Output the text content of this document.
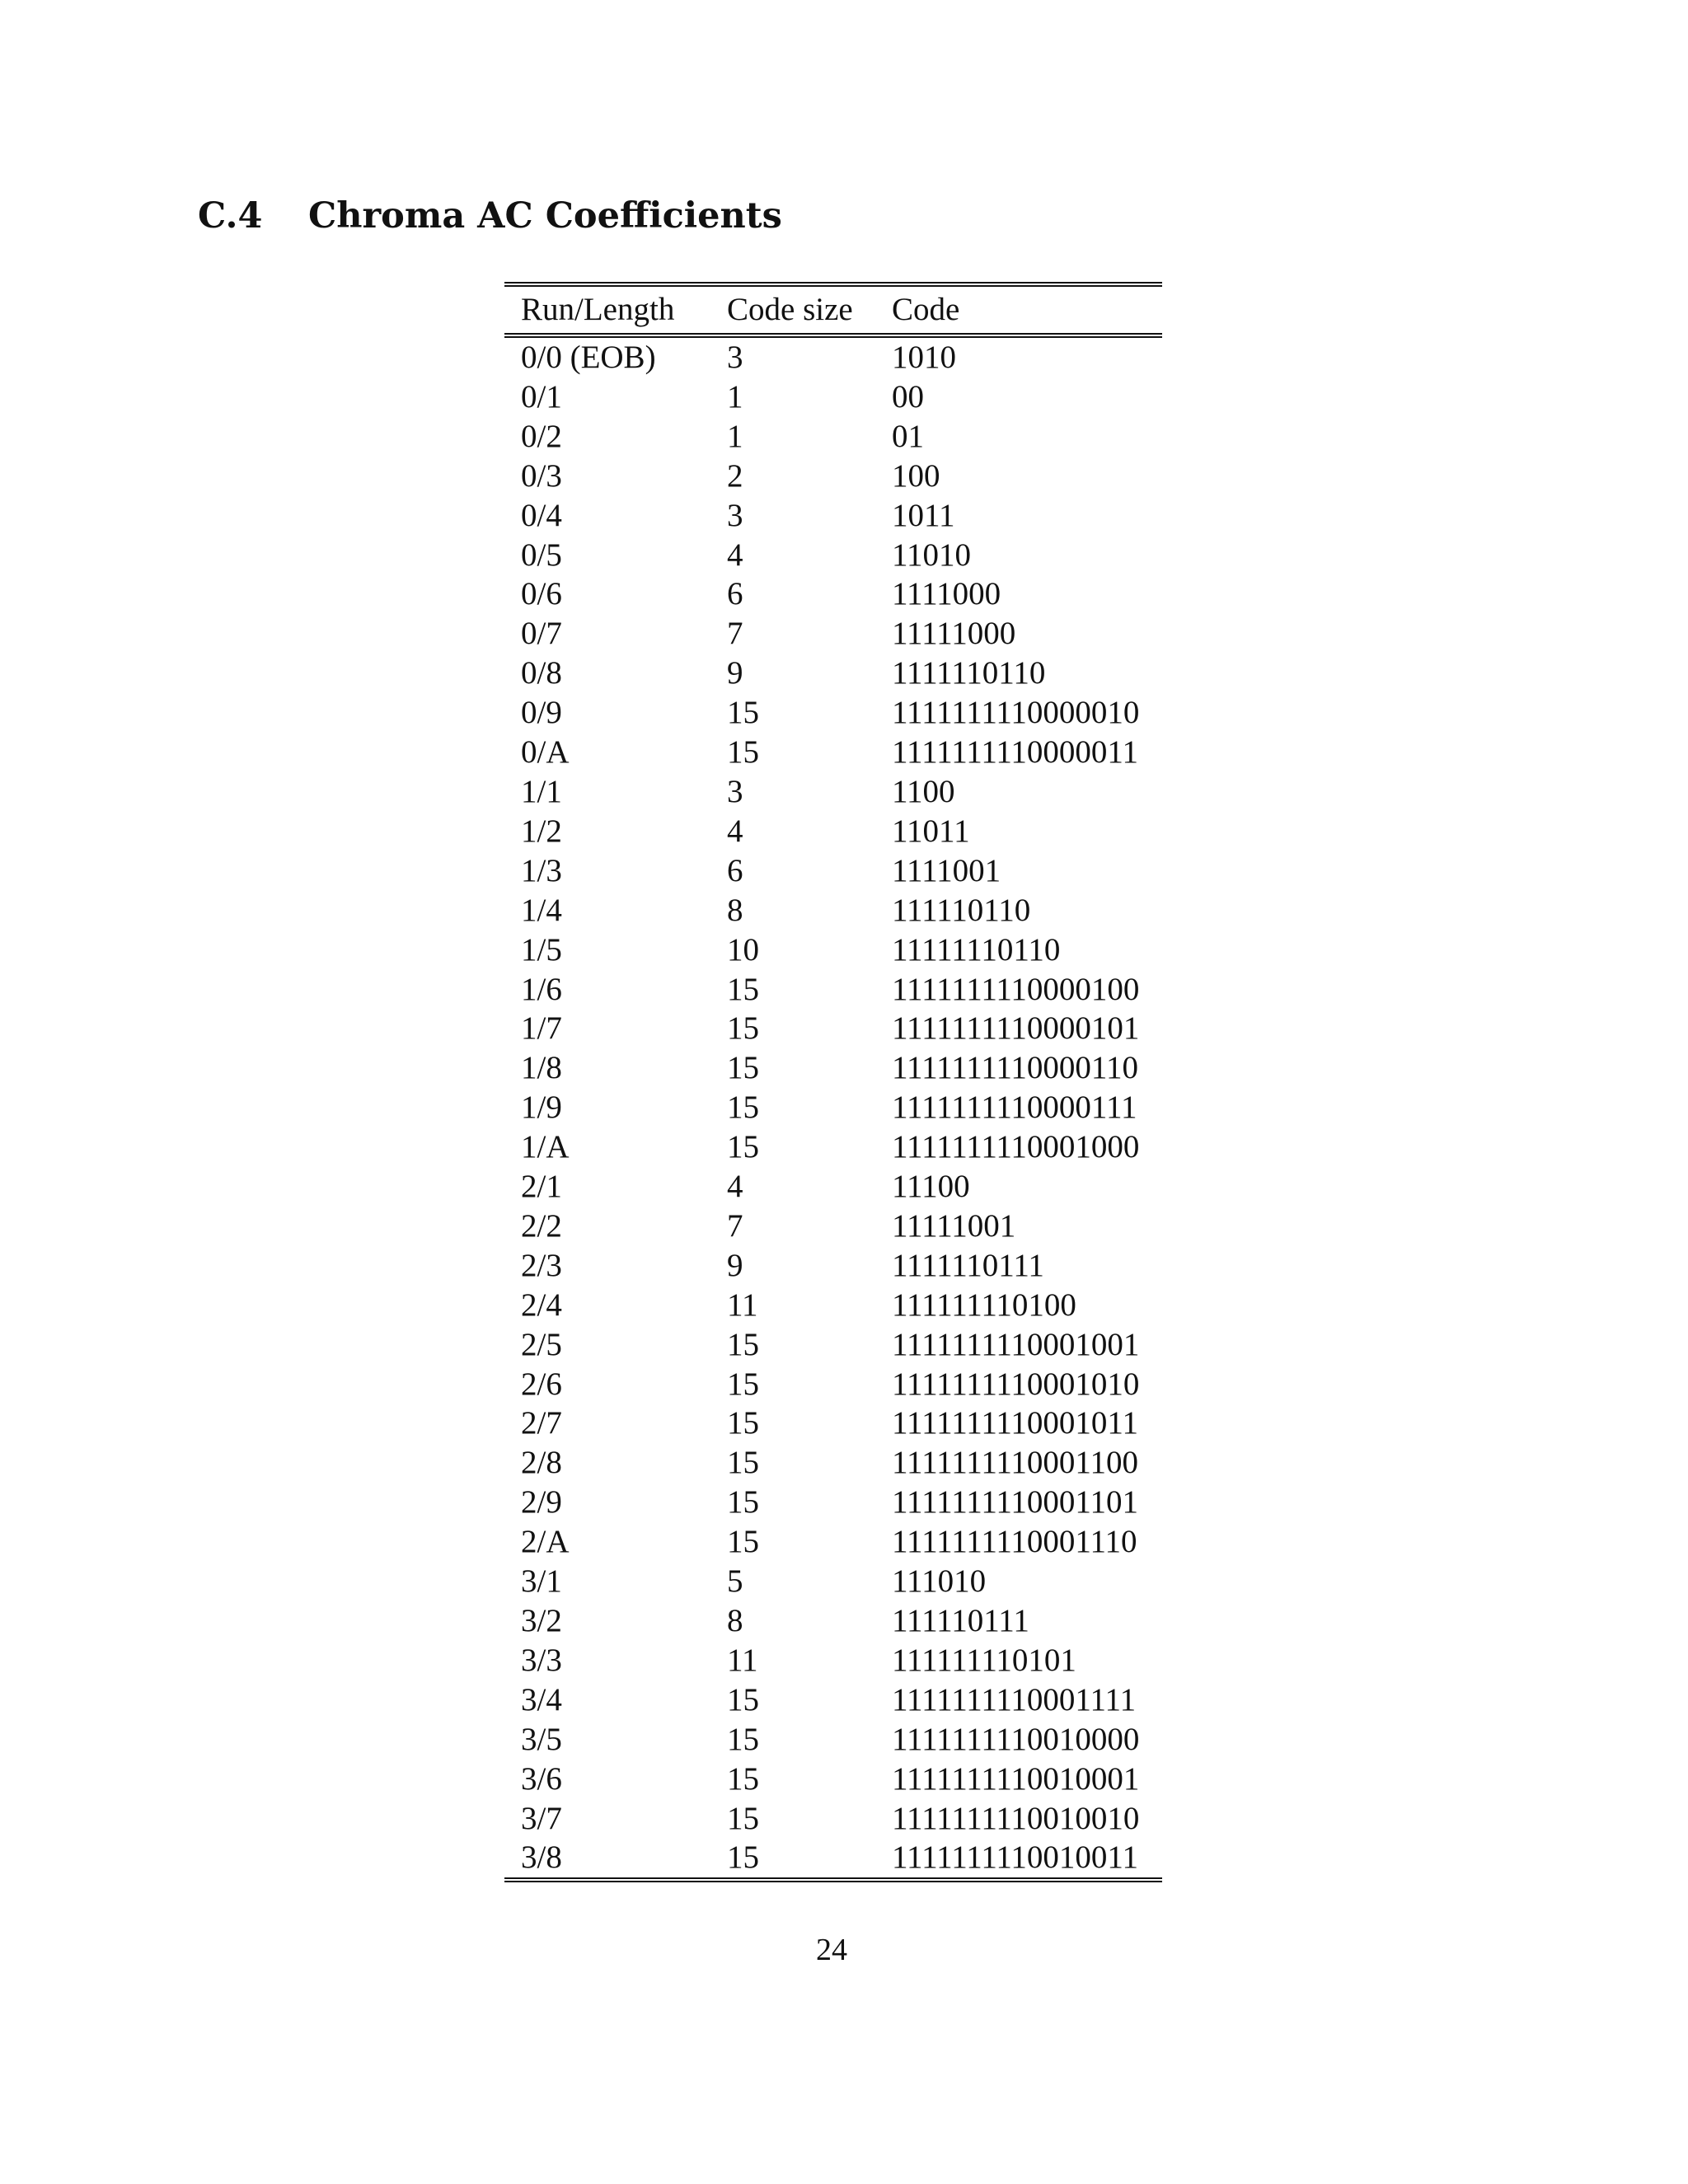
C.4 Chroma AC Coefficients
Run/Length	Code size	Code
0/0 (EOB)	3	1010
0/1	1	00
0/2	1	01
0/3	2	100
0/4	3	1011
0/5	4	11010
0/6	6	1111000
0/7	7	11111000
0/8	9	1111110110
0/9	15	1111111110000010
0/A	15	1111111110000011
1/1	3	1100
1/2	4	11011
1/3	6	1111001
1/4	8	111110110
1/5	10	11111110110
1/6	15	1111111110000100
1/7	15	1111111110000101
1/8	15	1111111110000110
1/9	15	1111111110000111
1/A	15	1111111110001000
2/1	4	11100
2/2	7	11111001
2/3	9	1111110111
2/4	11	111111110100
2/5	15	1111111110001001
2/6	15	1111111110001010
2/7	15	1111111110001011
2/8	15	1111111110001100
2/9	15	1111111110001101
2/A	15	1111111110001110
3/1	5	111010
3/2	8	111110111
3/3	11	111111110101
3/4	15	1111111110001111
3/5	15	1111111110010000
3/6	15	1111111110010001
3/7	15	1111111110010010
3/8	15	1111111110010011
24
